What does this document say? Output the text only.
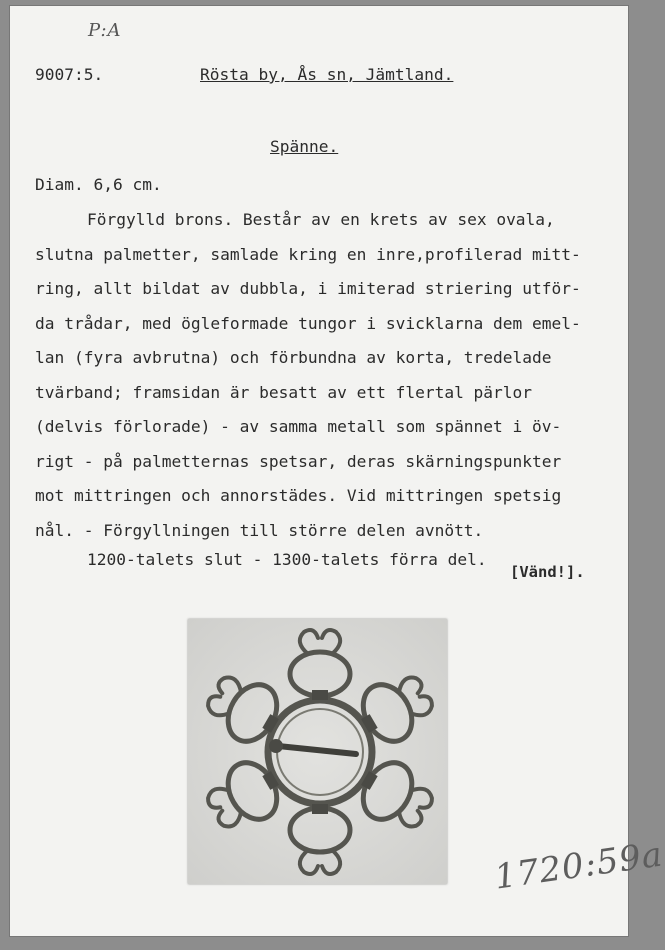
P:A
9007:5.	Rösta by, Ås sn, Jämtland.
Spänne.
Diam. 6,6 cm.
Förgylld brons. Består av en krets av sex ovala,
slutna palmetter, samlade kring en inre,profilerad mitt-
ring, allt bildat av dubbla, i imiterad striering utför-
da trådar, med ögleformade tungor i svicklarna dem emel-
lan (fyra avbrutna) och förbundna av korta, tredelade
tvärband; framsidan är besatt av ett flertal pärlor
(delvis förlorade) - av samma metall som spännet i öv-
rigt - på palmetternas spetsar, deras skärningspunkter
mot mittringen och annorstädes. Vid mittringen spetsig
nål. - Förgyllningen till större delen avnött.
1200-talets slut - 1300-talets förra del.
[Vänd!].
1720:59a
